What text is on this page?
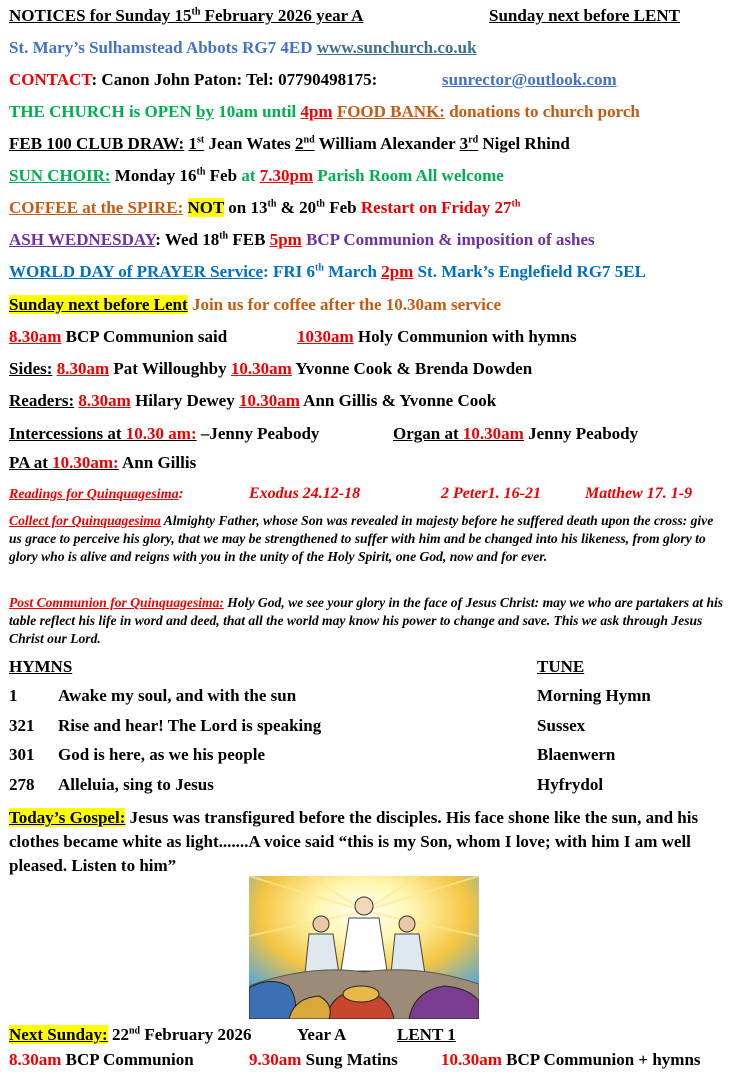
NOTICES for Sunday 15th February 2026 year A	Sunday next before LENT
St. Mary’s Sulhamstead Abbots RG7 4ED www.sunchurch.co.uk
CONTACT: Canon John Paton: Tel: 07790498175:	sunrector@outlook.com
THE CHURCH is OPEN by 10am until 4pm FOOD BANK: donations to church porch
FEB 100 CLUB DRAW: 1st Jean Wates 2nd William Alexander 3rd Nigel Rhind
SUN CHOIR: Monday 16th Feb at 7.30pm Parish Room All welcome
COFFEE at the SPIRE: NOT on 13th & 20th Feb Restart on Friday 27th
ASH WEDNESDAY: Wed 18th FEB 5pm BCP Communion & imposition of ashes
WORLD DAY of PRAYER Service: FRI 6th March 2pm St. Mark’s Englefield RG7 5EL
Sunday next before Lent Join us for coffee after the 10.30am service
8.30am BCP Communion said	1030am Holy Communion with hymns
Sides: 8.30am Pat Willoughby 10.30am Yvonne Cook & Brenda Dowden
Readers: 8.30am Hilary Dewey 10.30am Ann Gillis & Yvonne Cook
Intercessions at 10.30 am: –Jenny Peabody	Organ at 10.30am Jenny Peabody
PA at 10.30am: Ann Gillis
Readings for Quinquagesima:	Exodus 24.12-18	2 Peter1. 16-21	Matthew 17. 1-9
Collect for Quinquagesima Almighty Father, whose Son was revealed in majesty before he suffered death upon the cross: give us grace to perceive his glory, that we may be strengthened to suffer with him and be changed into his likeness, from glory to glory who is alive and reigns with you in the unity of the Holy Spirit, one God, now and for ever.
Post Communion for Quinquagesima: Holy God, we see your glory in the face of Jesus Christ: may we who are partakers at his table reflect his life in word and deed, that all the world may know his power to change and save. This we ask through Jesus Christ our Lord.
HYMNS	TUNE
1 Awake my soul, and with the sun	Morning Hymn
321 Rise and hear! The Lord is speaking	Sussex
301 God is here, as we his people	Blaenwern
278 Alleluia, sing to Jesus	Hyfrydol
Today’s Gospel: Jesus was transfigured before the disciples. His face shone like the sun, and his clothes became white as light.......A voice said “this is my Son, whom I love; with him I am well pleased. Listen to him”
Next Sunday: 22nd February 2026	Year A	LENT 1
8.30am BCP Communion	9.30am Sung Matins	10.30am BCP Communion + hymns
